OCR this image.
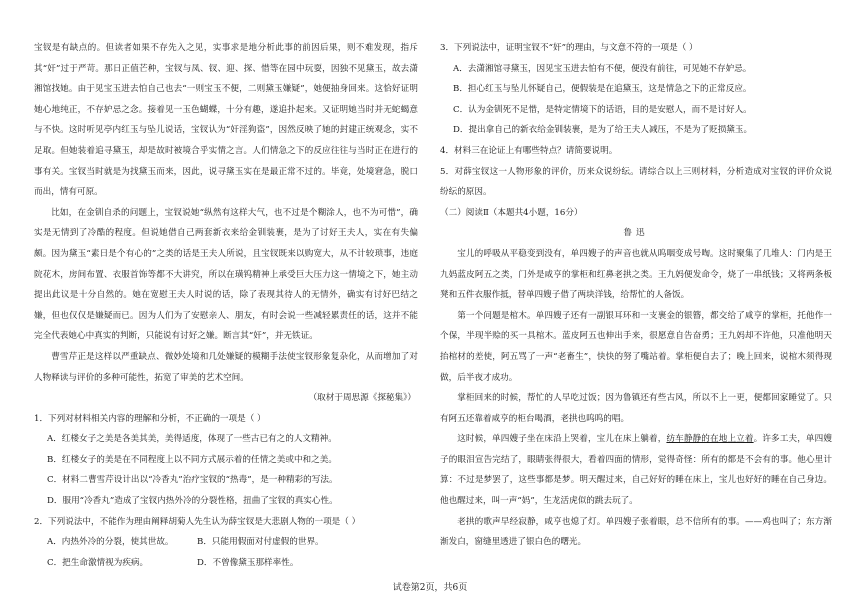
宝钗是有缺点的。但读者如果不存先入之见，实事求是地分析此事的前因后果，则不难发现，指斥其“奸”过于严苛。那日正值芒种，宝钗与凤、钗、迎、探、惜等在园中玩耍，因独不见黛玉，故去潇湘馆找她。由于见宝玉进去怕自己也去“一则宝玉不便，二则黛玉嫌疑”，她便抽身回来。这恰好证明她心地纯正，不存妒忌之念。接着见一玉色蝴蝶，十分有趣，遂追扑起来。又证明她当时并无蛇蝎意与不快。这时听见亭内红玉与坠儿说话，宝钗认为“奸淫狗盗”，因然反映了她的封建正统观念，实不足取。但她装着追寻黛玉，却是故时被境合乎实情之言。人们情急之下的反应往往与当时正在进行的事有关。宝钗当时就是为找黛玉而来，因此，说寻黛玉实在是最正常不过的。毕竟，处境窘急，脱口而出，情有可原。

比如，在金钏自杀的问题上，宝钗说她“纵然有这样大气，也不过是个糊涂人，也不为可惜”，确实是无情到了冷酷的程度。但说她借自己两套新衣来给金钏装裹，是为了讨好王夫人，实在有失偏颇。因为黛玉“素日是个有心的”之类的话是王夫人所说，且宝钗既来以购宽大，从不计较琐事，违庭院花木，房间布置、衣服首饰等都不大讲究，所以在璜钨精神上承受巨大压力这一情境之下，她主动提出此议是十分自然的。她在宽慰王夫人时说的话，除了表现其待人的无情外，确实有讨好巴结之嫌，但也仅仅是嫌疑而已。因为人们为了安慰亲人、朋友，有时会说一些减轻累责任的话，这并不能完全代表她心中真实的判断，只能说有讨好之嫌。断言其“奸”，并无铁证。

曹雪芹正是这样以严重缺点、微妙处境和几处嫌疑的模糊手法使宝钗形象复杂化，从而增加了对人物释读与评价的多种可能性，拓宽了审美的艺术空间。

（取材于周思源《探秘集》）

1．下列对材料相关内容的理解和分析，不正确的一项是（ ）

A．红楼女子之美是各美其美，美得适度，体现了一些古已有之的人文精神。

B．红楼女子的美是在不同程度上以不同方式展示着的任情之美或中和之美。

C．材料二曹雪芹设计出以“冷香丸”治疗宝钗的“热毒”，是一种精彩的写法。

D．服用“冷香丸”造成了宝钗内热外冷的分裂性格，扭曲了宝钗的真实心性。

2．下列说法中，不能作为理由阐释胡菊人先生认为薛宝钗是大悲剧人物的一项是（ ）

A．内热外冷的分裂，使其世故。	B．只能用假面对付虚假的世界。
C．把生命激情视为疾病。	D．不曾像黛玉那样率性。

3．下列说法中，证明宝钗不“奸”的理由，与文意不符的一项是（ ）

A．去潇湘馆寻黛玉，因见宝玉进去怕有不便，便没有前往，可见她不存妒忌。

B．担心红玉与坠儿怀疑自己，便假装是在追黛玉，这是情急之下的正常反应。

C．认为金钏死不足惜，是特定情境下的话语，目的是安慰人，而不是讨好人。

D．提出拿自己的新衣给金钏装裹，是为了给王夫人减压，不是为了贬损黛玉。

4．材料三在论证上有哪些特点？请简要说明。

5．对薛宝钗这一人物形象的评价，历来众说纷纭。请综合以上三则材料，分析造成对宝钗的评价众说纷纭的原因。

（二）阅读Ⅱ（本题共4小题，16分）

鲁迅

宝儿的呼吸从平稳变到没有，单四嫂子的声音也就从呜咽变成号啕。这时聚集了几堆人：门内是王九妈蓝皮阿五之类，门外是咸亨的掌柜和红鼻老拱之类。王九妈便发命令，烧了一串纸钱；又将两条板凳和五件衣服作抵，替单四嫂子借了两块洋钱，给帮忙的人备饭。

第一个问题是棺木。单四嫂子还有一副银耳环和一支裹金的银簪，都交给了咸亨的掌柜，托他作一个保，半现半赊的买一具棺木。蓝皮阿五也伸出手来，很愿意自告奋勇；王九妈却不许他，只准他明天抬棺材的差使，阿五骂了一声“老畜生”，快快的努了嘴站着。掌柜便自去了；晚上回来，说棺木须得现做，后半夜才成功。

掌柜回来的时候，帮忙的人早吃过饭；因为鲁镇还有些古风，所以不上一更，便都回家睡觉了。只有阿五还靠着咸亨的柜台喝酒，老拱也呜呜的唱。

这时候，单四嫂子坐在床沿上哭着，宝儿在床上躺着，纺车静静的在地上立着。许多工夫，单四嫂子的眼泪宣告完结了，眼睛张得很大，看着四面的情形，觉得奇怪：所有的都是不会有的事。他心里计算：不过是梦罢了，这些事都是梦。明天醒过来，自己好好的睡在床上，宝儿也好好的睡在自己身边。他也醒过来，叫一声“妈”，生龙活虎似的跳去玩了。

老拱的歌声早经寂静，咸亨也熄了灯。单四嫂子张着眼，总不信所有的事。——鸡也叫了；东方渐渐发白，窗缝里透进了银白色的曙光。

试卷第2页，共6页
